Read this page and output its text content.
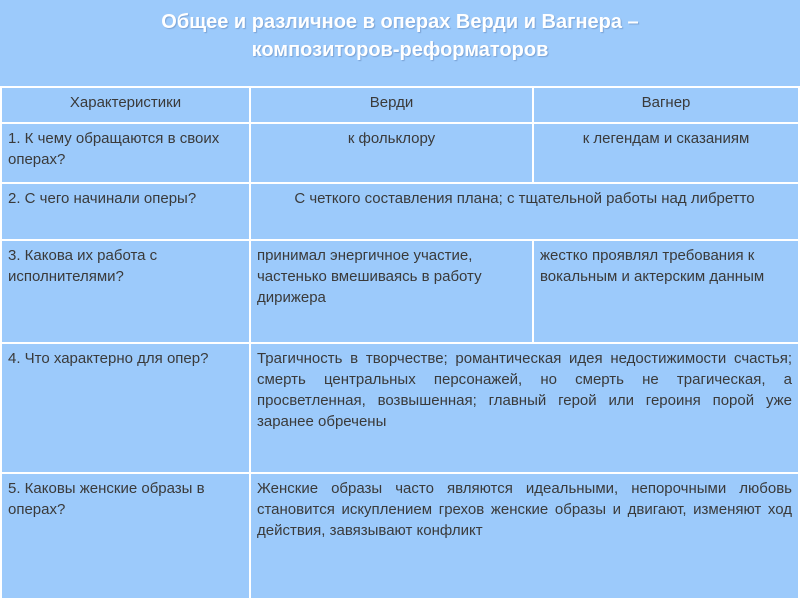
Общее и различное в операх Верди и Вагнера –
композиторов-реформаторов
Характеристики	Верди	Вагнер
1. К чему обращаются в своих операх?	к фольклору	к легендам и сказаниям
2. С чего начинали оперы?	С четкого составления плана; с тщательной работы над либретто	
3. Какова их работа с исполнителями?	принимал энергичное участие, частенько вмешиваясь в работу дирижера	жестко проявлял требования к вокальным и актерским данным
4. Что характерно для опер?	Трагичность в творчестве; романтическая идея недостижимости счастья; смерть центральных персонажей, но смерть не трагическая, а просветленная, возвышенная; главный герой или героиня порой уже заранее обречены	
5. Каковы женские образы в операх?	Женские образы часто являются идеальными, непорочными любовь становится искуплением грехов женские образы и двигают, изменяют ход действия, завязывают конфликт	
